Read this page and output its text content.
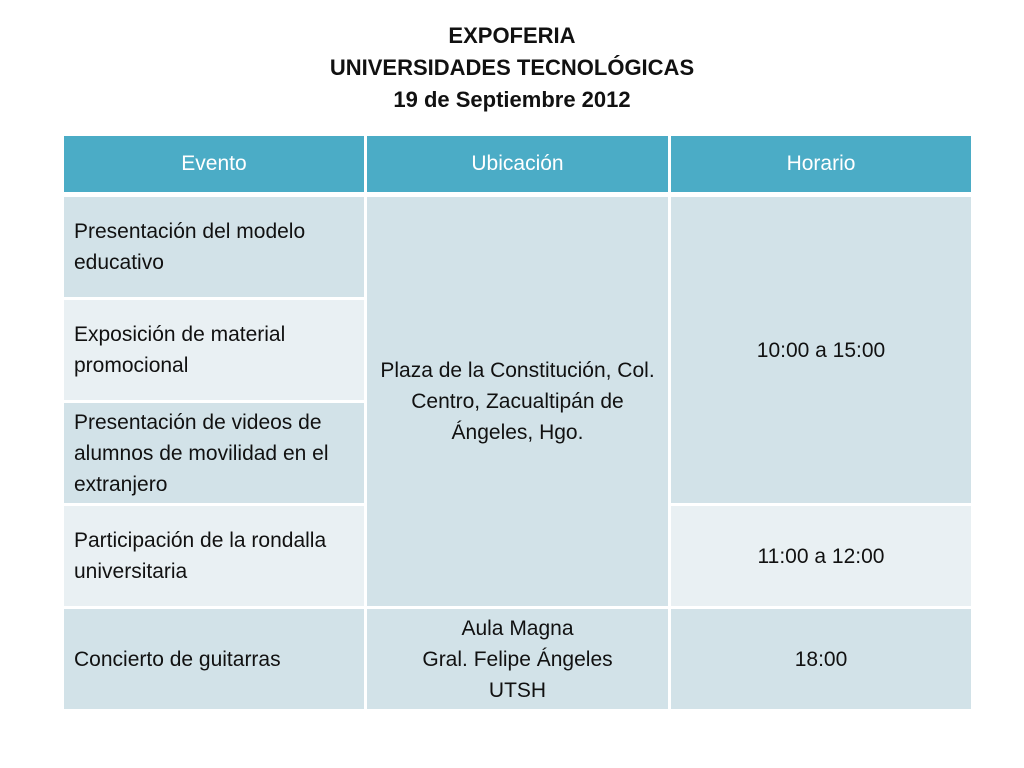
EXPOFERIA
UNIVERSIDADES TECNOLÓGICAS
19 de Septiembre 2012
Evento	Ubicación	Horario
Presentación del modelo educativo	Plaza de la Constitución, Col. Centro, Zacualtipán de Ángeles, Hgo.	10:00 a 15:00
Exposición de material promocional		
Presentación de videos de alumnos de movilidad en el extranjero		
Participación de la rondalla universitaria		11:00 a 12:00
Concierto de guitarras	Aula Magna
Gral. Felipe Ángeles
UTSH	18:00
